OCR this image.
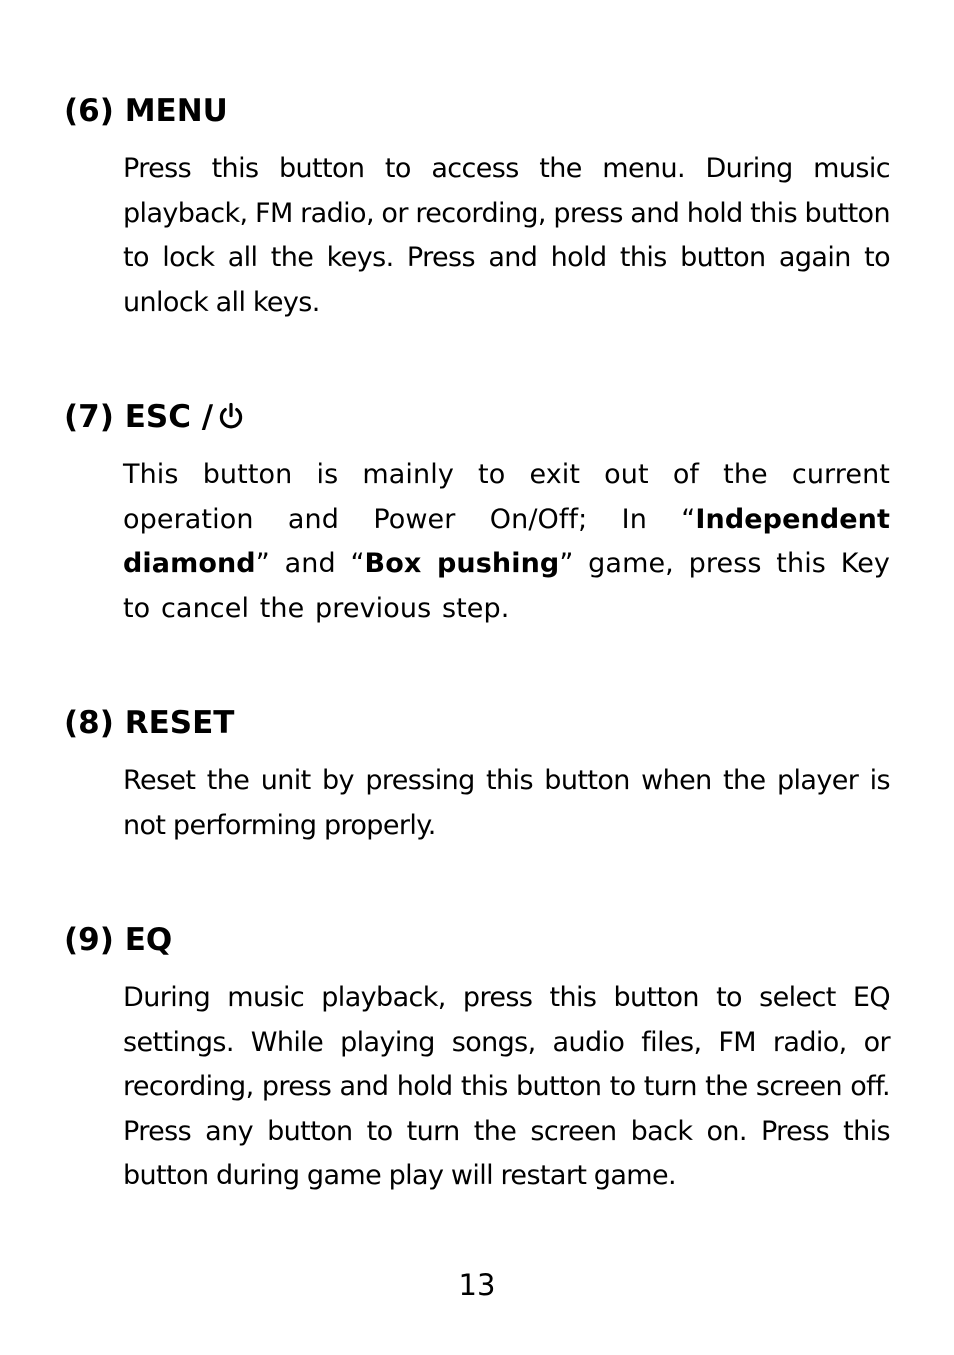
(6) MENU

Press this button to access the menu. During music playback, FM radio, or recording, press and hold this button to lock all the keys. Press and hold this button again to unlock all keys.

(7) ESC / 

This button is mainly to exit out of the current operation and Power On/Off; In “Independent diamond” and “Box pushing” game, press this Key to cancel the previous step.

(8) RESET

Reset the unit by pressing this button when the player is not performing properly.

(9) EQ

During music playback, press this button to select EQ settings. While playing songs, audio files, FM radio, or recording, press and hold this button to turn the screen off. Press any button to turn the screen back on. Press this button during game play will restart game.

13
